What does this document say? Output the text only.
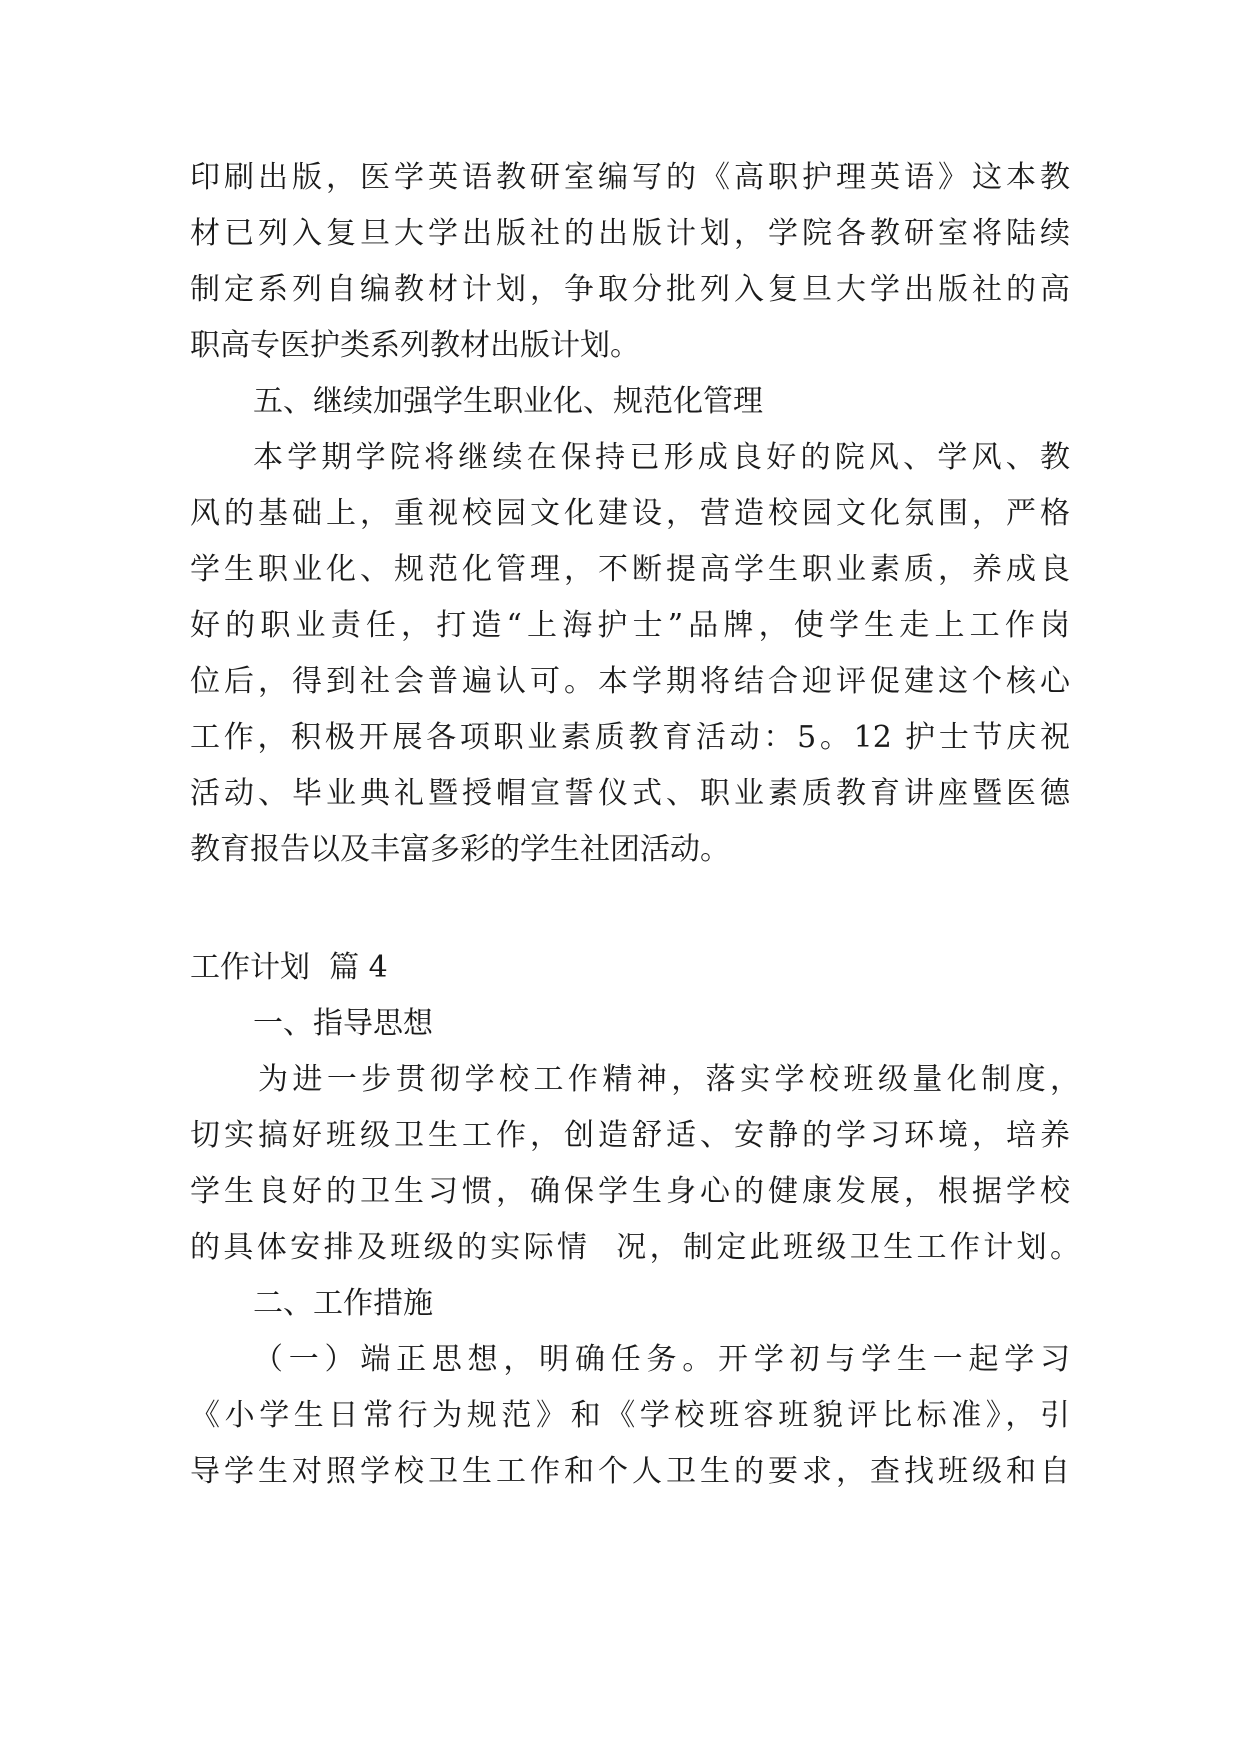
印刷出版，医学英语教研室编写的《高职护理英语》这本教
材已列入复旦大学出版社的出版计划，学院各教研室将陆续
制定系列自编教材计划，争取分批列入复旦大学出版社的高
职高专医护类系列教材出版计划。
五、继续加强学生职业化、规范化管理
本学期学院将继续在保持已形成良好的院风、学风、教
风的基础上，重视校园文化建设，营造校园文化氛围，严格
学生职业化、规范化管理，不断提高学生职业素质，养成良
好的职业责任，打造“上海护士”品牌，使学生走上工作岗
位后，得到社会普遍认可。本学期将结合迎评促建这个核心
工作，积极开展各项职业素质教育活动：5。12 护士节庆祝
活动、毕业典礼暨授帽宣誓仪式、职业素质教育讲座暨医德
教育报告以及丰富多彩的学生社团活动。
工作计划  篇 4
一、指导思想
为进一步贯彻学校工作精神，落实学校班级量化制度，
切实搞好班级卫生工作，创造舒适、安静的学习环境，培养
学生良好的卫生习惯，确保学生身心的健康发展，根据学校
的具体安排及班级的实际情  况，制定此班级卫生工作计划。
二、工作措施
（一）端正思想，明确任务。开学初与学生一起学习
《小学生日常行为规范》和《学校班容班貌评比标准》，引
导学生对照学校卫生工作和个人卫生的要求，查找班级和自
